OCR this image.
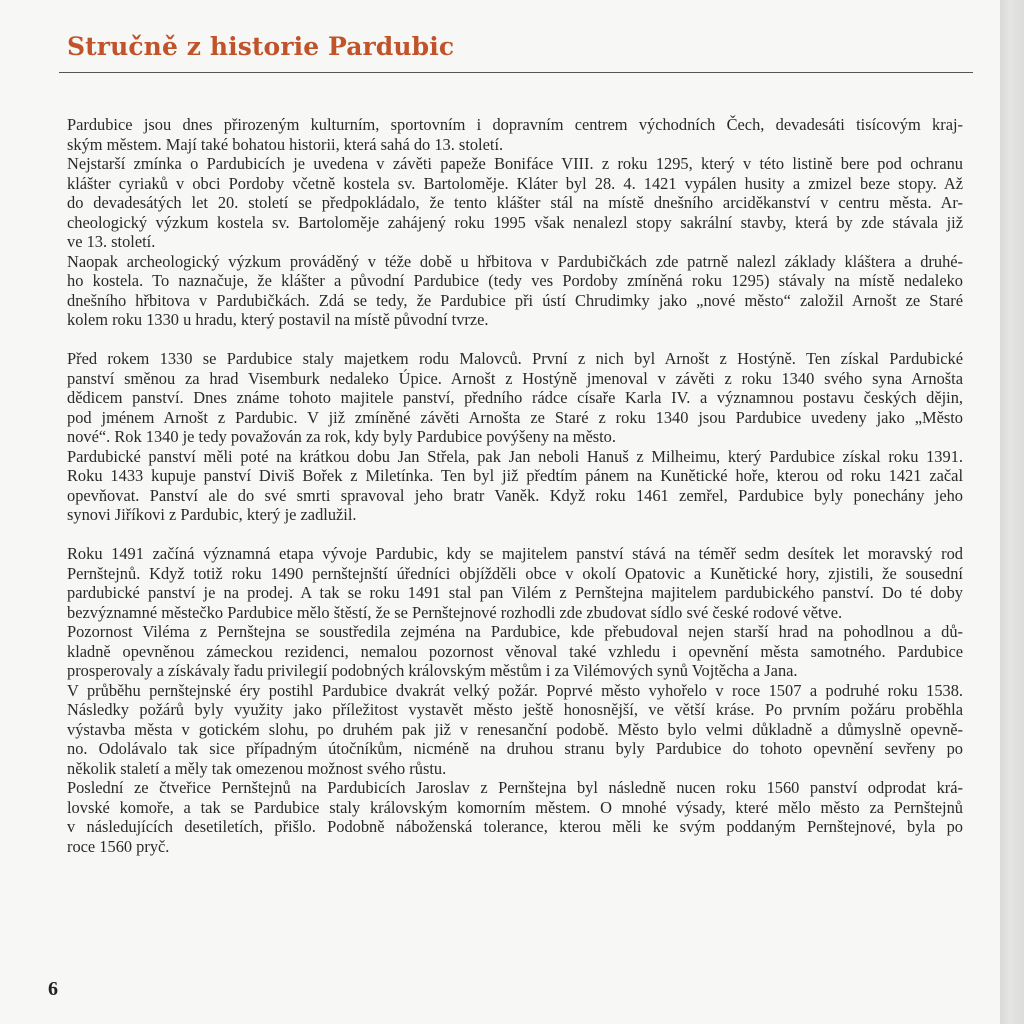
Stručně z historie Pardubic

Pardubice jsou dnes přirozeným kulturním, sportovním i dopravním centrem východních Čech, devadesáti tisícovým kraj-
ským městem. Mají také bohatou historii, která sahá do 13. století.

Nejstarší zmínka o Pardubicích je uvedena v závěti papeže Bonifáce VIII. z roku 1295, který v této listině bere pod ochranu
klášter cyriaků v obci Pordoby včetně kostela sv. Bartoloměje. Kláter byl 28. 4. 1421 vypálen husity a zmizel beze stopy. Až
do devadesátých let 20. století se předpokládalo, že tento klášter stál na místě dnešního arciděkanství v centru města. Ar-
cheologický výzkum kostela sv. Bartoloměje zahájený roku 1995 však nenalezl stopy sakrální stavby, která by zde stávala již
ve 13. století.

Naopak archeologický výzkum prováděný v téže době u hřbitova v Pardubičkách zde patrně nalezl základy kláštera a druhé-
ho kostela. To naznačuje, že klášter a původní Pardubice (tedy ves Pordoby zmíněná roku 1295) stávaly na místě nedaleko
dnešního hřbitova v Pardubičkách. Zdá se tedy, že Pardubice při ústí Chrudimky jako „nové město“ založil Arnošt ze Staré
kolem roku 1330 u hradu, který postavil na místě původní tvrze.

Před rokem 1330 se Pardubice staly majetkem rodu Malovců. První z nich byl Arnošt z Hostýně. Ten získal Pardubické
panství směnou za hrad Visemburk nedaleko Úpice. Arnošt z Hostýně jmenoval v závěti z roku 1340 svého syna Arnošta
dědicem panství. Dnes známe tohoto majitele panství, předního rádce císaře Karla IV. a významnou postavu českých dějin,
pod jménem Arnošt z Pardubic. V již zmíněné závěti Arnošta ze Staré z roku 1340 jsou Pardubice uvedeny jako „Město
nové“. Rok 1340 je tedy považován za rok, kdy byly Pardubice povýšeny na město.

Pardubické panství měli poté na krátkou dobu Jan Střela, pak Jan neboli Hanuš z Milheimu, který Pardubice získal roku 1391.
Roku 1433 kupuje panství Diviš Bořek z Miletínka. Ten byl již předtím pánem na Kunětické hoře, kterou od roku 1421 začal
opevňovat. Panství ale do své smrti spravoval jeho bratr Vaněk. Když roku 1461 zemřel, Pardubice byly ponechány jeho
synovi Jiříkovi z Pardubic, který je zadlužil.

Roku 1491 začíná významná etapa vývoje Pardubic, kdy se majitelem panství stává na téměř sedm desítek let moravský rod
Pernštejnů. Když totiž roku 1490 pernštejnští úředníci objížděli obce v okolí Opatovic a Kunětické hory, zjistili, že sousední
pardubické panství je na prodej. A tak se roku 1491 stal pan Vilém z Pernštejna majitelem pardubického panství. Do té doby
bezvýznamné městečko Pardubice mělo štěstí, že se Pernštejnové rozhodli zde zbudovat sídlo své české rodové větve.

Pozornost Viléma z Pernštejna se soustředila zejména na Pardubice, kde přebudoval nejen starší hrad na pohodlnou a dů-
kladně opevněnou zámeckou rezidenci, nemalou pozornost věnoval také vzhledu i opevnění města samotného. Pardubice
prosperovaly a získávaly řadu privilegií podobných královským městům i za Vilémových synů Vojtěcha a Jana.

V průběhu pernštejnské éry postihl Pardubice dvakrát velký požár. Poprvé město vyhořelo v roce 1507 a podruhé roku 1538.
Následky požárů byly využity jako příležitost vystavět město ještě honosnější, ve větší kráse. Po prvním požáru proběhla
výstavba města v gotickém slohu, po druhém pak již v renesanční podobě. Město bylo velmi důkladně a důmyslně opevně-
no. Odolávalo tak sice případným útočníkům, nicméně na druhou stranu byly Pardubice do tohoto opevnění sevřeny po
několik staletí a měly tak omezenou možnost svého růstu.

Poslední ze čtveřice Pernštejnů na Pardubicích Jaroslav z Pernštejna byl následně nucen roku 1560 panství odprodat krá-
lovské komoře, a tak se Pardubice staly královským komorním městem. O mnohé výsady, které mělo město za Pernštejnů
v následujících desetiletích, přišlo. Podobně náboženská tolerance, kterou měli ke svým poddaným Pernštejnové, byla po
roce 1560 pryč.

6
